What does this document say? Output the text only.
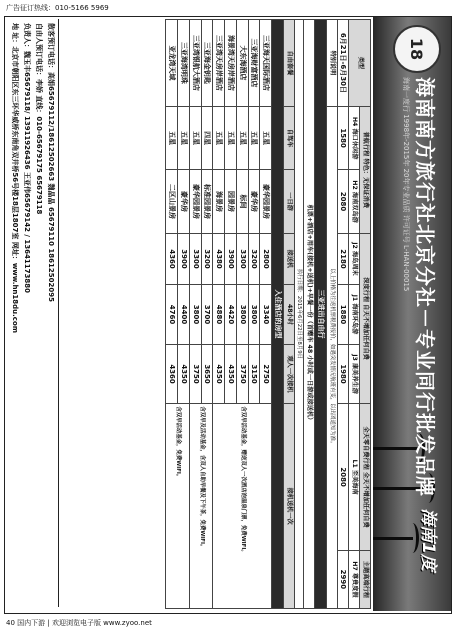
广告征订热线：010-5166 5969
18
海南南方旅行社北京分社－专业同行批发品牌
海南一度行 1998年-2015年 20年专业品质 许可证号 L-HAN-00015
海南1度
类型	普航行程 特色：无保证消费		深度行程 自天不增加任何自费			全天零自费行程 全天不增加任何自费	主题高端行程
	H4 海口休闲游	H2 海南双岛游	J2 海岛周末	J1 海南环岛游	J3 康美养生游	L1 至美海南	H7 尊贵度假
6月21日-6月30日	1580	2080	2180	1880	1980	2080	2990
特别说明	以上价格为往返机票税费报价，如遇突发情况航班有变，以出团通知为准。						
三亚进出自由行							
机票+酒店+用车(接机+送机)+早餐一份（首赠车 48 小时或一日游或接送机）							
执行日期：2015年6月22日至8月9日							
自由套餐	自驾车	一日游	接送机	48小时	观人一次接机	接机送机一次	
入住酒店的房型							
三亚海天国际酒店	五星	豪华园景房	2800	3340	2750	含双早活动基金，赠送双人一次酒店泡温泉门票，免费WIFI。	
三亚海财富酒店	五星	豪华房	3200	3800	3150		
大东海酒店	五星	标间	3300	3800	3750		
海景湾天房岸酒店	五星	园景房	3900	4420	4350		
三亚湾天房岸酒店	五星	海景房	4380	4880	4350		
三亚海金钥匙	四星	标准园景房	3200	3700	3650	含双早及活动基金，含双人自助早餐及下午茶，免费WIFI。	
三亚湾银航大酒店	五星	豪华园景房	3300	3800	3750		
三亚海湾明珠	五星	豪华房	3900	4400	4350	含双早活动基金，免费WIFI。	
亚龙湾天域	五星	二区山景房	4360	4760	4360		
散客预订电话：高娟65679112/18612502663 魏晶晶 65679110 18612502095
自由人预订电话：李娇 直线：010-65679175 65679118
负责人：魏玉丰65679118/ 13911926436 王亚伟65679142 / 13641173880
地 址：北京市朝阳区东三环华威桥东南角双井桥56号楼18层1807室 网址：www.hn18du.com
40 国内下游 | 欢迎浏览电子版 www.zyoo.net
